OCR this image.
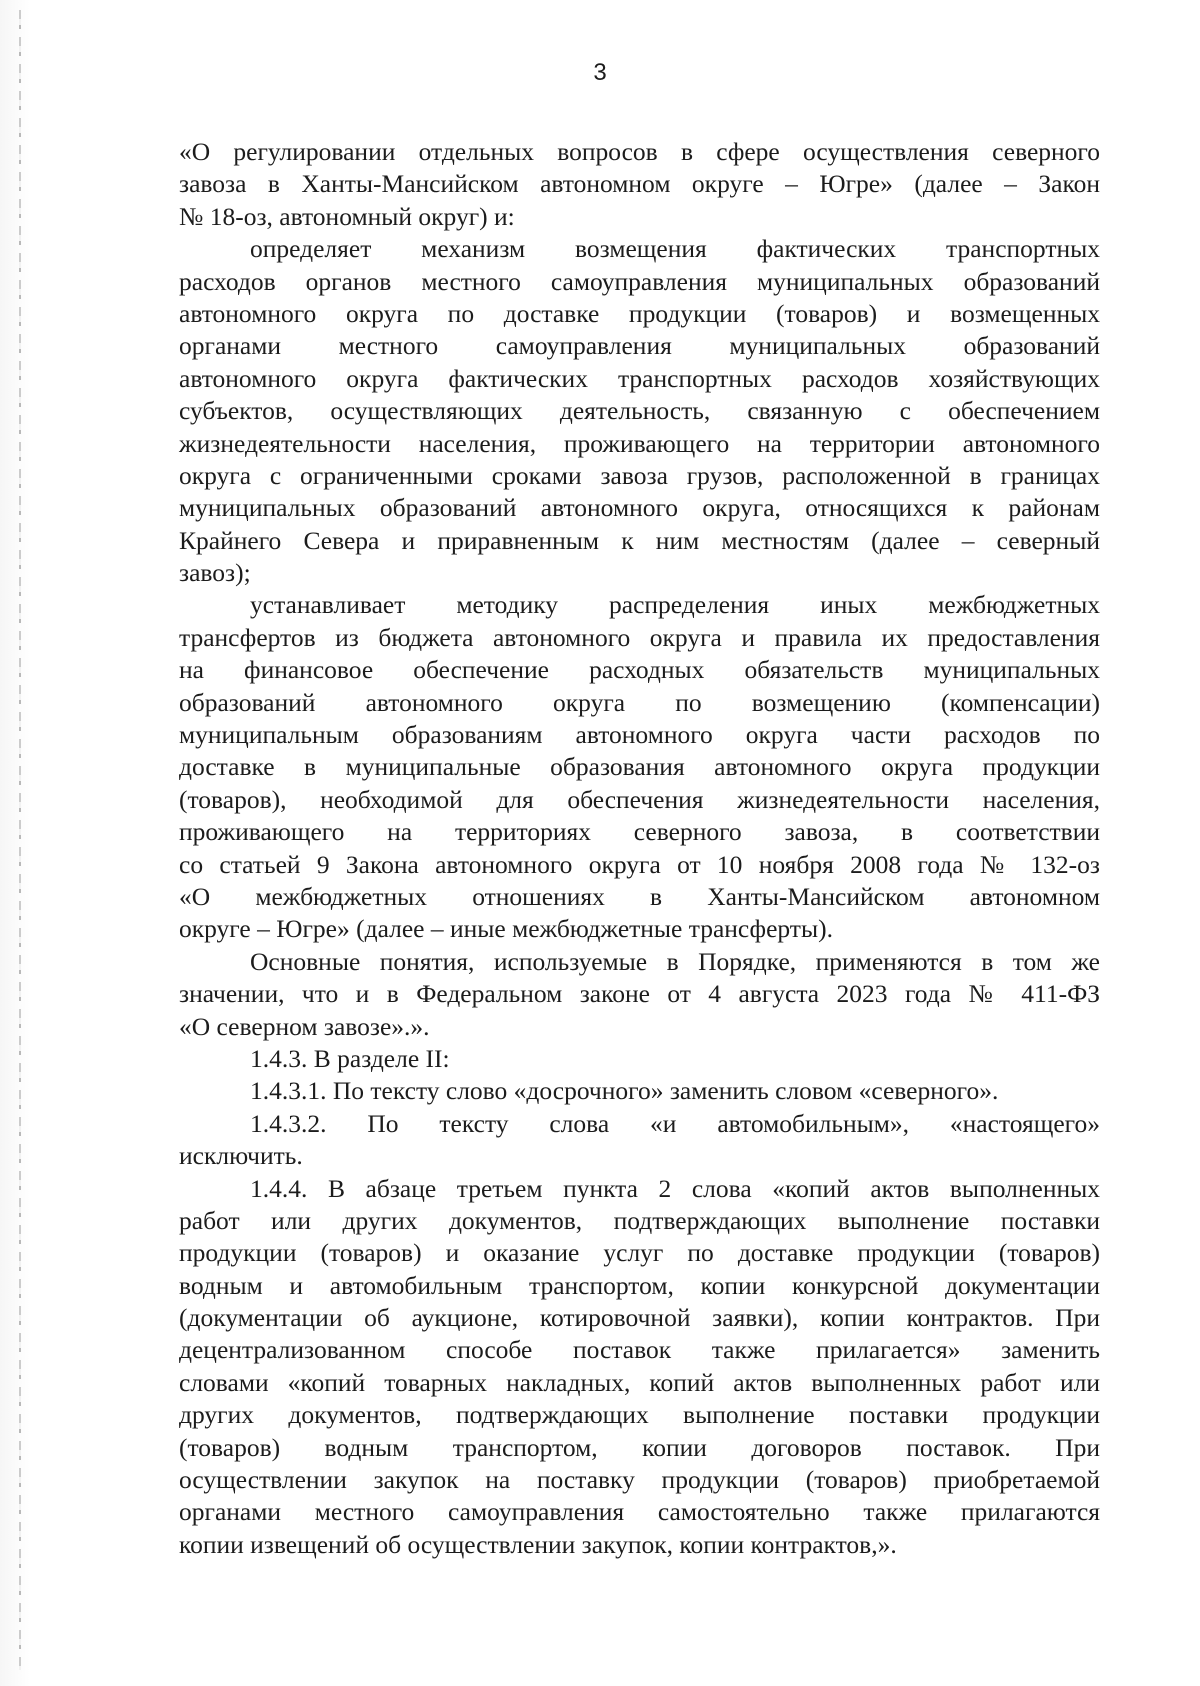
3
«О регулировании отдельных вопросов в сфере осуществления северного
завоза в Ханты-Мансийском автономном округе – Югре» (далее – Закон
№ 18-оз, автономный округ) и:
определяет механизм возмещения фактических транспортных
расходов органов местного самоуправления муниципальных образований
автономного округа по доставке продукции (товаров) и возмещенных
органами местного самоуправления муниципальных образований
автономного округа фактических транспортных расходов хозяйствующих
субъектов, осуществляющих деятельность, связанную с обеспечением
жизнедеятельности населения, проживающего на территории автономного
округа с ограниченными сроками завоза грузов, расположенной в границах
муниципальных образований автономного округа, относящихся к районам
Крайнего Севера и приравненным к ним местностям (далее – северный
завоз);
устанавливает методику распределения иных межбюджетных
трансфертов из бюджета автономного округа и правила их предоставления
на финансовое обеспечение расходных обязательств муниципальных
образований автономного округа по возмещению (компенсации)
муниципальным образованиям автономного округа части расходов по
доставке в муниципальные образования автономного округа продукции
(товаров), необходимой для обеспечения жизнедеятельности населения,
проживающего на территориях северного завоза, в соответствии
со статьей 9 Закона автономного округа от 10 ноября 2008 года № 132-оз
«О межбюджетных отношениях в Ханты-Мансийском автономном
округе – Югре» (далее – иные межбюджетные трансферты).
Основные понятия, используемые в Порядке, применяются в том же
значении, что и в Федеральном законе от 4 августа 2023 года № 411-ФЗ
«О северном завозе».».
1.4.3. В разделе II:
1.4.3.1. По тексту слово «досрочного» заменить словом «северного».
1.4.3.2. По тексту слова «и автомобильным», «настоящего»
исключить.
1.4.4. В абзаце третьем пункта 2 слова «копий актов выполненных
работ или других документов, подтверждающих выполнение поставки
продукции (товаров) и оказание услуг по доставке продукции (товаров)
водным и автомобильным транспортом, копии конкурсной документации
(документации об аукционе, котировочной заявки), копии контрактов. При
децентрализованном способе поставок также прилагается» заменить
словами «копий товарных накладных, копий актов выполненных работ или
других документов, подтверждающих выполнение поставки продукции
(товаров) водным транспортом, копии договоров поставок. При
осуществлении закупок на поставку продукции (товаров) приобретаемой
органами местного самоуправления самостоятельно также прилагаются
копии извещений об осуществлении закупок, копии контрактов,».
